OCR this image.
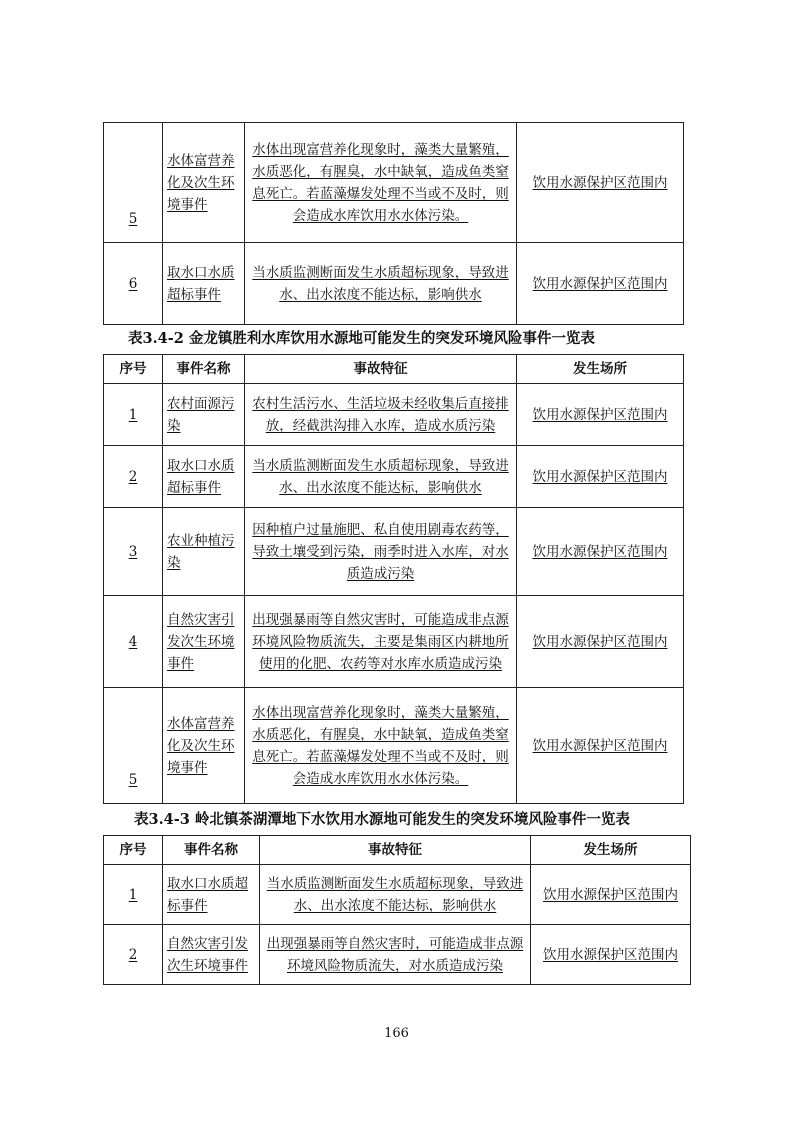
5	水体富营养化及次生环境事件	水体出现富营养化现象时，藻类大量繁殖，水质恶化，有腥臭，水中缺氧，造成鱼类窒息死亡。若蓝藻爆发处理不当或不及时，则会造成水库饮用水水体污染。	饮用水源保护区范围内
6	取水口水质超标事件	当水质监测断面发生水质超标现象，导致进水、出水浓度不能达标，影响供水	饮用水源保护区范围内
表3.4-2 金龙镇胜利水库饮用水源地可能发生的突发环境风险事件一览表
序号	事件名称	事故特征	发生场所
1	农村面源污染	农村生活污水、生活垃圾未经收集后直接排放，经截洪沟排入水库，造成水质污染	饮用水源保护区范围内
2	取水口水质超标事件	当水质监测断面发生水质超标现象，导致进水、出水浓度不能达标，影响供水	饮用水源保护区范围内
3	农业种植污染	因种植户过量施肥、私自使用剧毒农药等，导致土壤受到污染，雨季时进入水库，对水质造成污染	饮用水源保护区范围内
4	自然灾害引发次生环境事件	出现强暴雨等自然灾害时，可能造成非点源环境风险物质流失，主要是集雨区内耕地所使用的化肥、农药等对水库水质造成污染	饮用水源保护区范围内
5	水体富营养化及次生环境事件	水体出现富营养化现象时，藻类大量繁殖，水质恶化，有腥臭，水中缺氧，造成鱼类窒息死亡。若蓝藻爆发处理不当或不及时，则会造成水库饮用水水体污染。	饮用水源保护区范围内
表3.4-3 岭北镇茶湖潭地下水饮用水源地可能发生的突发环境风险事件一览表
序号	事件名称	事故特征	发生场所
1	取水口水质超标事件	当水质监测断面发生水质超标现象，导致进水、出水浓度不能达标，影响供水	饮用水源保护区范围内
2	自然灾害引发次生环境事件	出现强暴雨等自然灾害时，可能造成非点源环境风险物质流失，对水质造成污染	饮用水源保护区范围内
166
